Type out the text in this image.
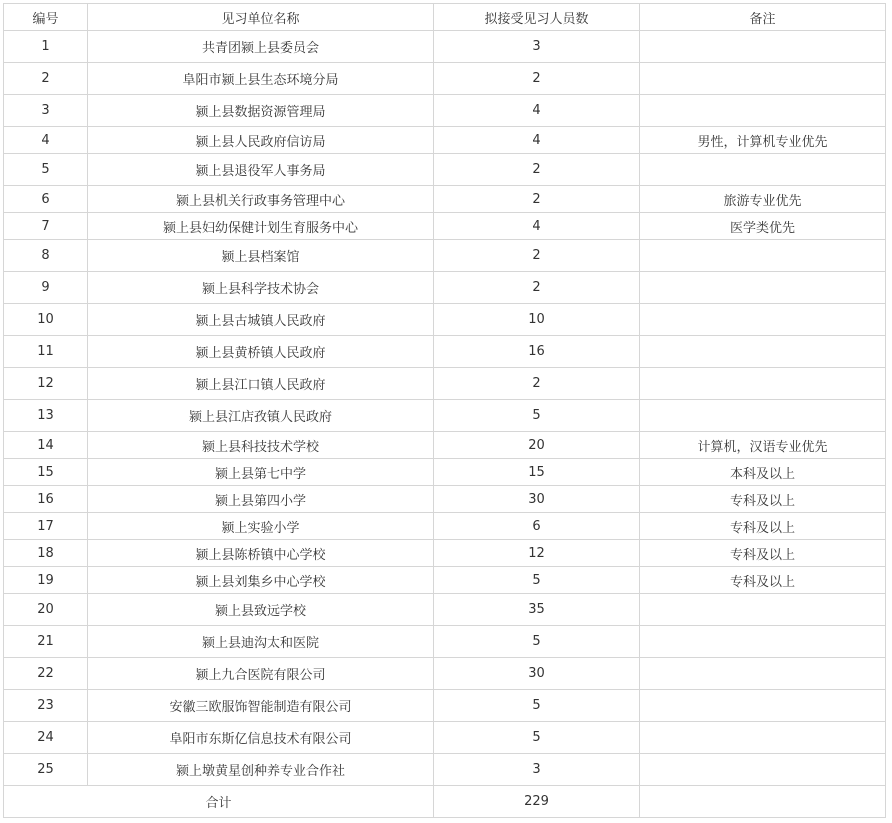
编号	见习单位名称	拟接受见习人员数	备注
1	共青团颍上县委员会	3	
2	阜阳市颍上县生态环境分局	2	
3	颍上县数据资源管理局	4	
4	颍上县人民政府信访局	4	男性，计算机专业优先
5	颍上县退役军人事务局	2	
6	颍上县机关行政事务管理中心	2	旅游专业优先
7	颍上县妇幼保健计划生育服务中心	4	医学类优先
8	颍上县档案馆	2	
9	颍上县科学技术协会	2	
10	颍上县古城镇人民政府	10	
11	颍上县黄桥镇人民政府	16	
12	颍上县江口镇人民政府	2	
13	颍上县江店孜镇人民政府	5	
14	颍上县科技技术学校	20	计算机，汉语专业优先
15	颍上县第七中学	15	本科及以上
16	颍上县第四小学	30	专科及以上
17	颍上实验小学	6	专科及以上
18	颍上县陈桥镇中心学校	12	专科及以上
19	颍上县刘集乡中心学校	5	专科及以上
20	颍上县致远学校	35	
21	颍上县迪沟太和医院	5	
22	颍上九合医院有限公司	30	
23	安徽三欧服饰智能制造有限公司	5	
24	阜阳市东斯亿信息技术有限公司	5	
25	颍上墩黄星创种养专业合作社	3	
合计		229	
